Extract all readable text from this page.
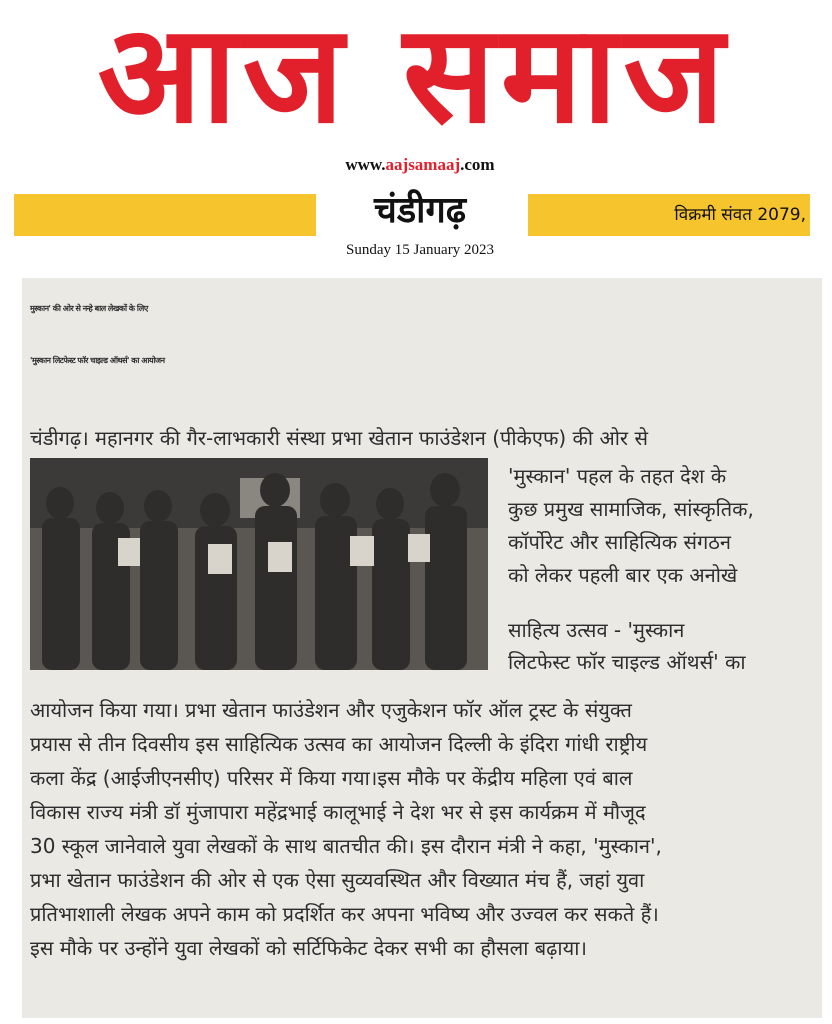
आज समाज
www.aajsamaaj.com
चंडीगढ़	विक्रमी संवत 2079,
Sunday 15 January 2023
मुस्कान' की ओर से नन्हे बाल लेखकों के लिए
'मुस्कान लिटफेस्ट फॉर चाइल्ड ऑथर्स' का आयोजन
चंडीगढ़। महानगर की गैर-लाभकारी संस्था प्रभा खेतान फाउंडेशन (पीकेएफ) की ओर से
'मुस्कान' पहल के तहत देश के
कुछ प्रमुख सामाजिक, सांस्कृतिक,
कॉर्पोरेट और साहित्यिक संगठन
को लेकर पहली बार एक अनोखे
साहित्य उत्सव - 'मुस्कान
लिटफेस्ट फॉर चाइल्ड ऑथर्स' का
आयोजन किया गया। प्रभा खेतान फाउंडेशन और एजुकेशन फॉर ऑल ट्रस्ट के संयुक्त
प्रयास से तीन दिवसीय इस साहित्यिक उत्सव का आयोजन दिल्ली के इंदिरा गांधी राष्ट्रीय
कला केंद्र (आईजीएनसीए) परिसर में किया गया।इस मौके पर केंद्रीय महिला एवं बाल
विकास राज्य मंत्री डॉ मुंजापारा महेंद्रभाई कालूभाई ने देश भर से इस कार्यक्रम में मौजूद
30 स्कूल जानेवाले युवा लेखकों के साथ बातचीत की। इस दौरान मंत्री ने कहा, 'मुस्कान',
प्रभा खेतान फाउंडेशन की ओर से एक ऐसा सुव्यवस्थित और विख्यात मंच हैं, जहां युवा
प्रतिभाशाली लेखक अपने काम को प्रदर्शित कर अपना भविष्य और उज्वल कर सकते हैं।
इस मौके पर उन्होंने युवा लेखकों को सर्टिफिकेट देकर सभी का हौसला बढ़ाया।
